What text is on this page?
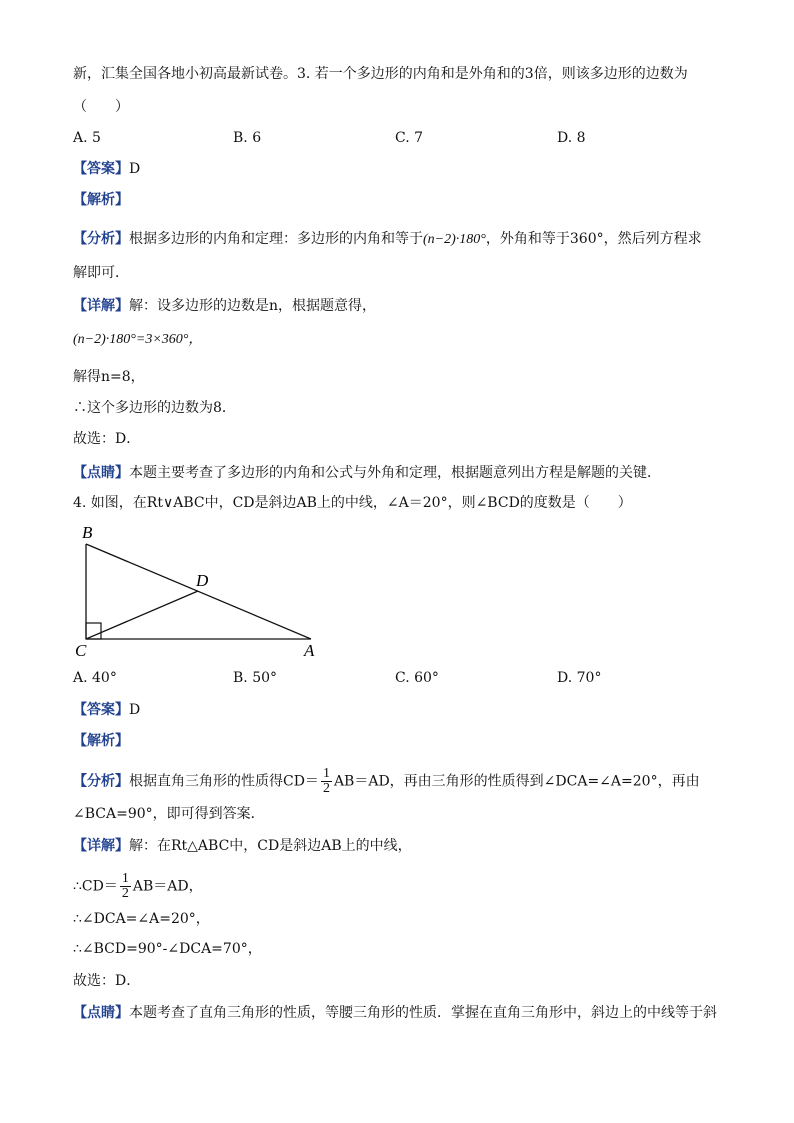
新，汇集全国各地小初高最新试卷。3. 若一个多边形的内角和是外角和的3倍，则该多边形的边数为
（　　）
A. 5	B. 6	C. 7	D. 8
【答案】D
【解析】
【分析】根据多边形的内角和定理：多边形的内角和等于(n−2)·180°，外角和等于360°，然后列方程求
解即可．
【详解】解：设多边形的边数是n，根据题意得，
(n−2)·180°=3×360°，
解得n=8，
∴这个多边形的边数为8．
故选：D．
【点睛】本题主要考查了多边形的内角和公式与外角和定理，根据题意列出方程是解题的关键．
4. 如图，在Rt∨ABC中，CD是斜边AB上的中线，∠A＝20°，则∠BCD的度数是（　　）
B
D
C	A
A. 40°	B. 50°	C. 60°	D. 70°
【答案】D
【解析】
【分析】根据直角三角形的性质得$CD= \frac{1}{2} AB=AD$，再由三角形的性质得到∠DCA=∠A=20°，再由
∠BCA=90°，即可得到答案．
【详解】解：在Rt△ABC中，CD是斜边AB上的中线，
∴CD＝ $\frac{1}{2} AB=AD$，
∴∠DCA=∠A=20°，
∴∠BCD=90°-∠DCA=70°，
故选：D．
【点睛】本题考查了直角三角形的性质，等腰三角形的性质．掌握在直角三角形中，斜边上的中线等于斜
